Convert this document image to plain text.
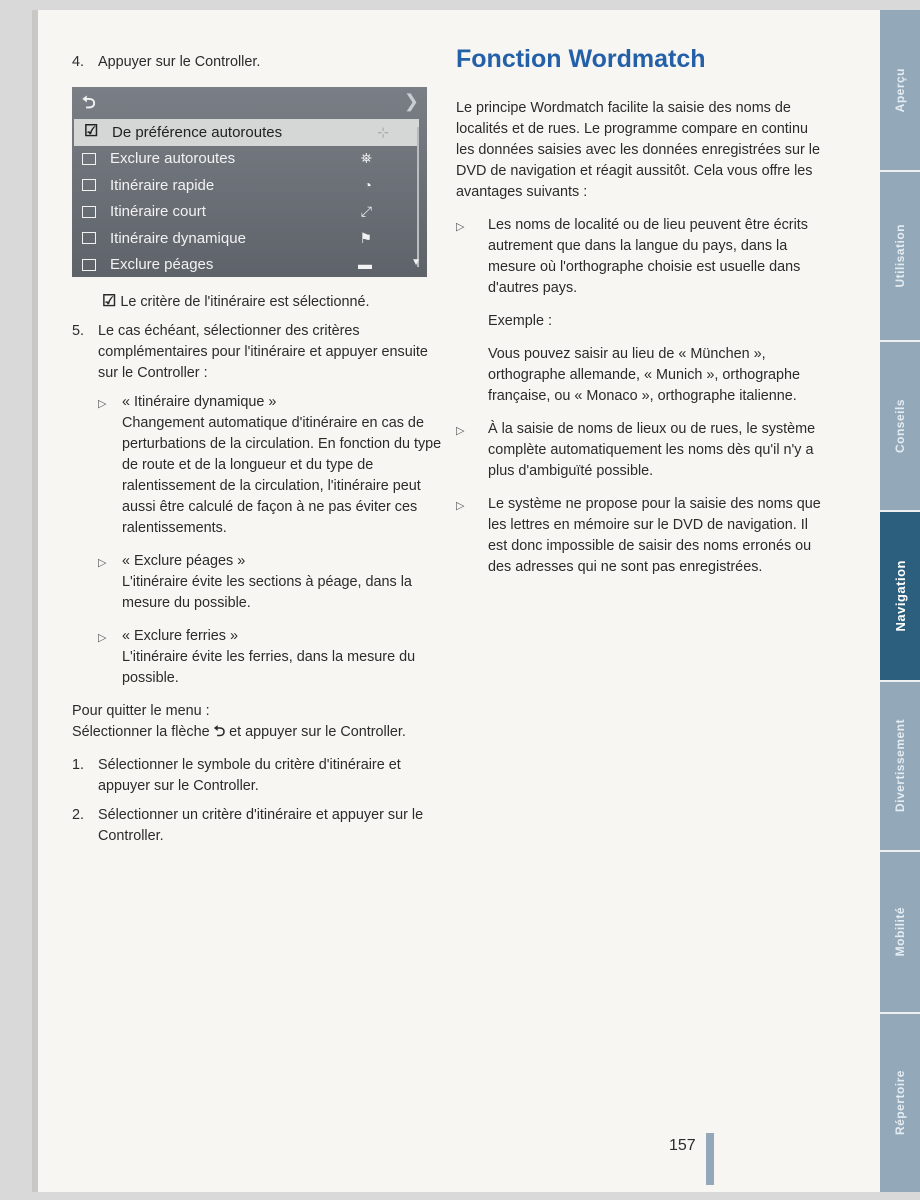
4. Appuyer sur le Controller.
⮌	❯
☑ De préférence autoroutes	⊹
Exclure autoroutes	⛯
Itinéraire rapide	◔
Itinéraire court	⤢
Itinéraire dynamique	⚑
Exclure péages	▬	▼
☑ Le critère de l'itinéraire est sélectionné.
5. Le cas échéant, sélectionner des critères complémentaires pour l'itinéraire et appuyer ensuite sur le Controller :
▷	« Itinéraire dynamique »
Changement automatique d'itinéraire en cas de perturbations de la circulation. En fonction du type de route et de la longueur et du type de ralentissement de la circulation, l'itinéraire peut aussi être calculé de façon à ne pas éviter ces ralentissements.
▷	« Exclure péages »
L'itinéraire évite les sections à péage, dans la mesure du possible.
▷	« Exclure ferries »
L'itinéraire évite les ferries, dans la mesure du possible.
Pour quitter le menu :
Sélectionner la flèche ⮌ et appuyer sur le Controller.
1. Sélectionner le symbole du critère d'itinéraire et appuyer sur le Controller.
2. Sélectionner un critère d'itinéraire et appuyer sur le Controller.
Fonction Wordmatch
Le principe Wordmatch facilite la saisie des noms de localités et de rues. Le programme compare en continu les données saisies avec les données enregistrées sur le DVD de navigation et réagit aussitôt. Cela vous offre les avantages suivants :
▷	Les noms de localité ou de lieu peuvent être écrits autrement que dans la langue du pays, dans la mesure où l'orthographe choisie est usuelle dans d'autres pays.
Exemple :
Vous pouvez saisir au lieu de « München », orthographe allemande, « Munich », orthographe française, ou « Monaco », orthographe italienne.
▷	À la saisie de noms de lieux ou de rues, le système complète automatiquement les noms dès qu'il n'y a plus d'ambiguïté possible.
▷	Le système ne propose pour la saisie des noms que les lettres en mémoire sur le DVD de navigation. Il est donc impossible de saisir des noms erronés ou des adresses qui ne sont pas enregistrées.
Aperçu
Utilisation
Conseils
Navigation
Divertissement
Mobilité
Répertoire
157
